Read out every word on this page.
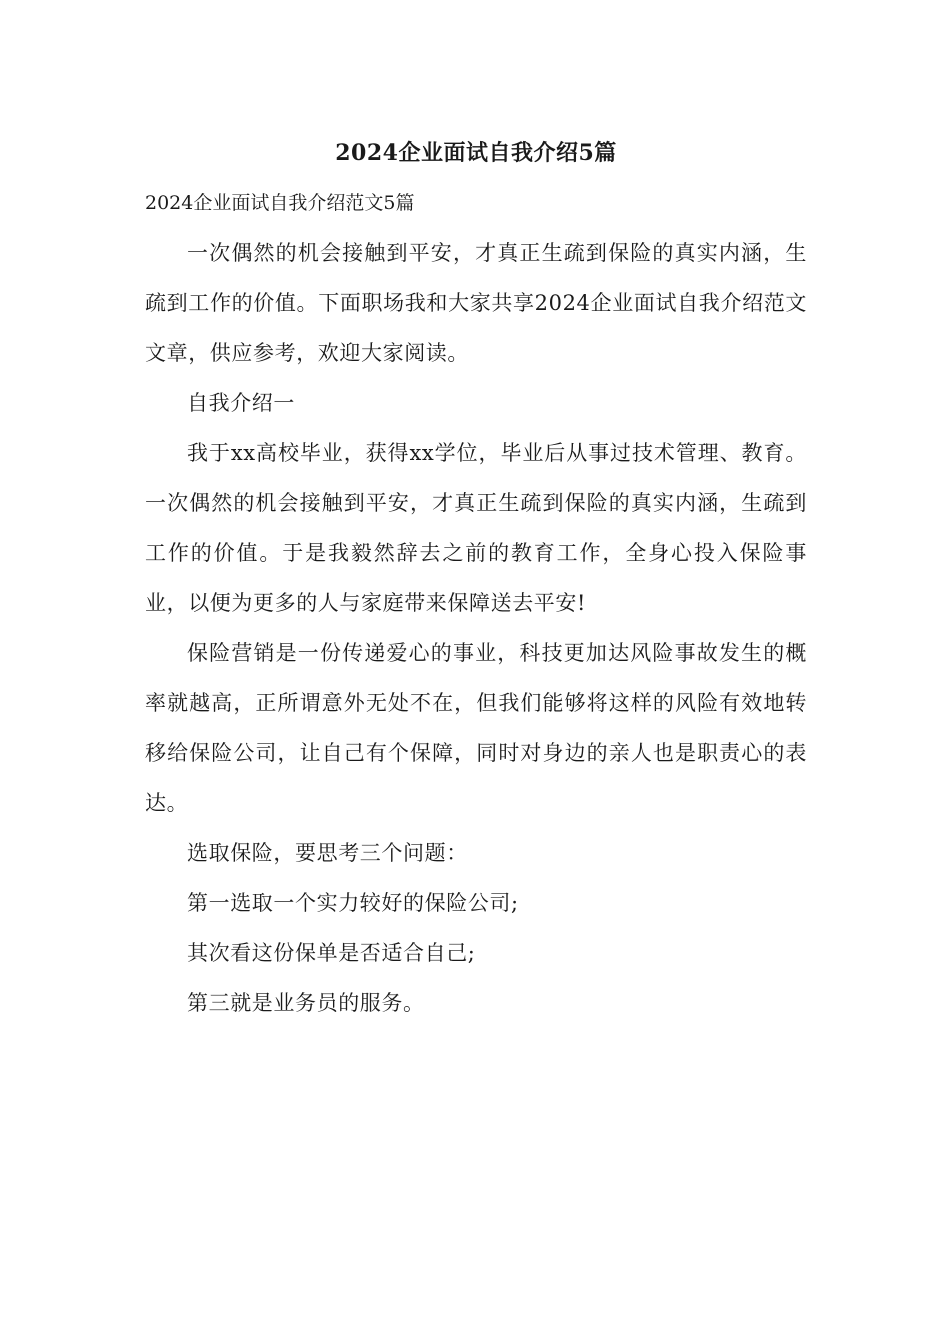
2024企业面试自我介绍5篇

2024企业面试自我介绍范文5篇

一次偶然的机会接触到平安，才真正生疏到保险的真实内涵，生疏到工作的价值。下面职场我和大家共享2024企业面试自我介绍范文文章，供应参考，欢迎大家阅读。

自我介绍一

我于xx高校毕业，获得xx学位，毕业后从事过技术管理、教育。一次偶然的机会接触到平安，才真正生疏到保险的真实内涵，生疏到工作的价值。于是我毅然辞去之前的教育工作，全身心投入保险事业，以便为更多的人与家庭带来保障送去平安!

保险营销是一份传递爱心的事业，科技更加达风险事故发生的概率就越高，正所谓意外无处不在，但我们能够将这样的风险有效地转移给保险公司，让自己有个保障，同时对身边的亲人也是职责心的表达。

选取保险，要思考三个问题：

第一选取一个实力较好的保险公司;

其次看这份保单是否适合自己;

第三就是业务员的服务。
